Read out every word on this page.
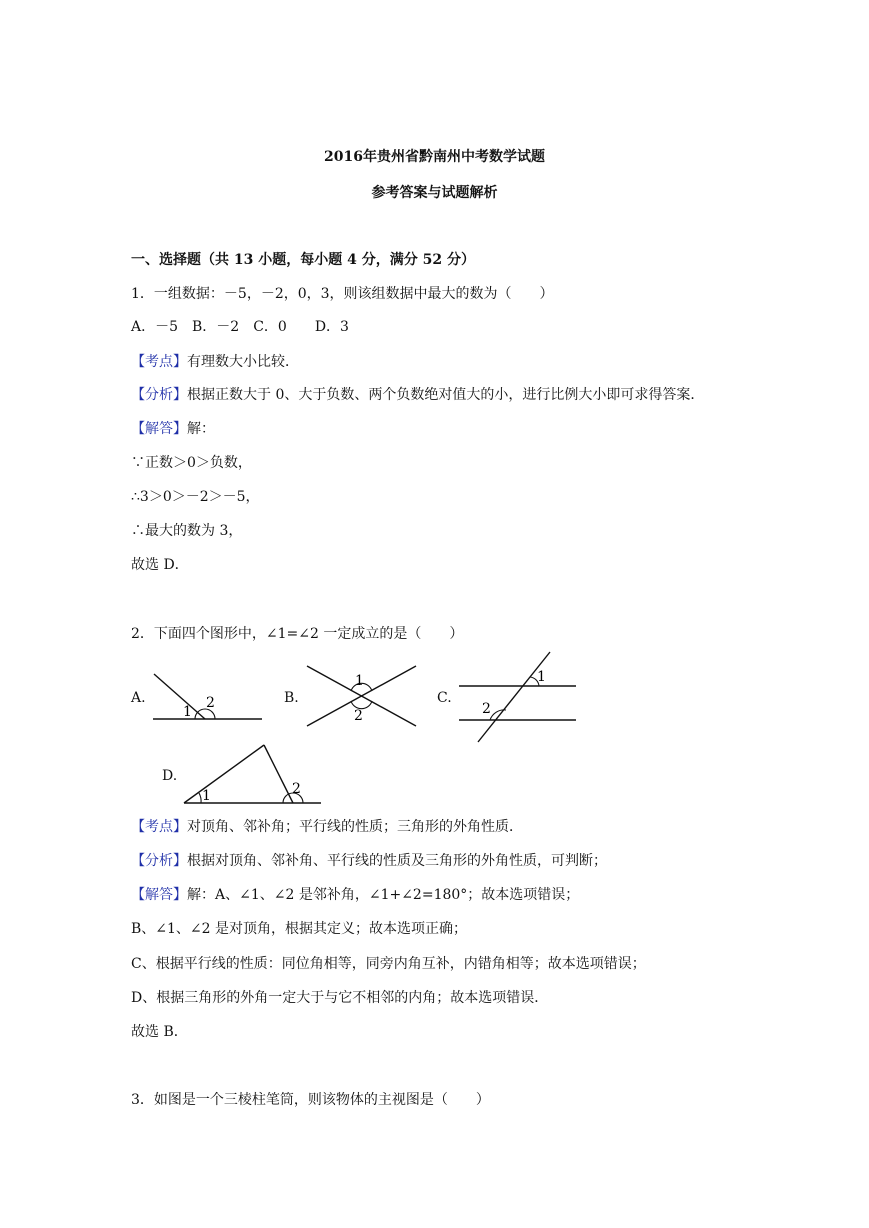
2016年贵州省黔南州中考数学试题
参考答案与试题解析
一、选择题（共 13 小题，每小题 4 分，满分 52 分）
1．一组数据：－5，－2，0，3，则该组数据中最大的数为（　　）
A．－5　B．－2　C．0　　D．3
【考点】有理数大小比较．
【分析】根据正数大于 0、大于负数、两个负数绝对值大的小，进行比例大小即可求得答案．
【解答】解：
∵正数＞0＞负数，
∴3＞0＞－2＞－5，
∴最大的数为 3，
故选 D．
2．下面四个图形中，∠1=∠2 一定成立的是（　　）
A.
1
2	B.
1
2
C.
1
2
D.
1	2
【考点】对顶角、邻补角；平行线的性质；三角形的外角性质．
【分析】根据对顶角、邻补角、平行线的性质及三角形的外角性质，可判断；
【解答】解：A、∠1、∠2 是邻补角，∠1+∠2=180°；故本选项错误；
B、∠1、∠2 是对顶角，根据其定义；故本选项正确；
C、根据平行线的性质：同位角相等，同旁内角互补，内错角相等；故本选项错误；
D、根据三角形的外角一定大于与它不相邻的内角；故本选项错误．
故选 B．
3．如图是一个三棱柱笔筒，则该物体的主视图是（　　）
